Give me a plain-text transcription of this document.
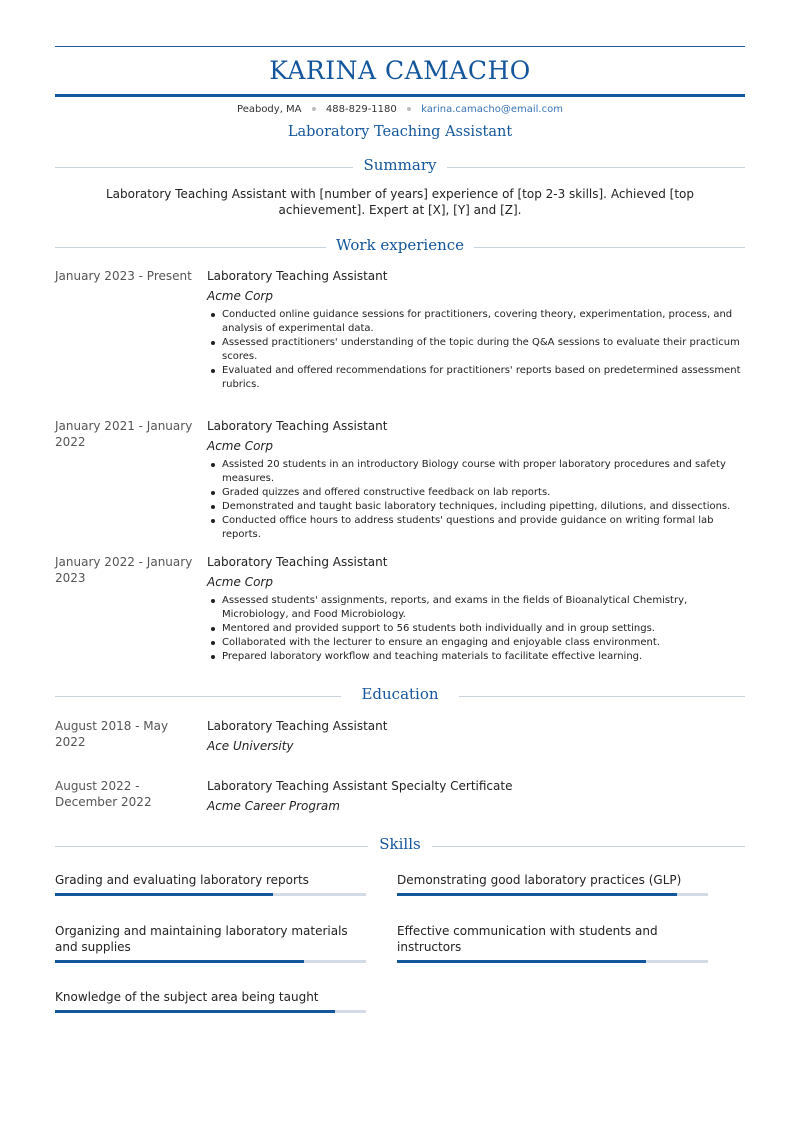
KARINA CAMACHO
Peabody, MA 488-829-1180 karina.camacho@email.com
Laboratory Teaching Assistant
Summary
Laboratory Teaching Assistant with [number of years] experience of [top 2-3 skills]. Achieved [top achievement]. Expert at [X], [Y] and [Z].
Work experience
January 2023 - Present Laboratory Teaching Assistant
Acme Corp
Conducted online guidance sessions for practitioners, covering theory, experimentation, process, and analysis of experimental data.
Assessed practitioners' understanding of the topic during the Q&A sessions to evaluate their practicum scores.
Evaluated and offered recommendations for practitioners' reports based on predetermined assessment rubrics.
January 2021 - January 2022
Laboratory Teaching Assistant
Acme Corp
Assisted 20 students in an introductory Biology course with proper laboratory procedures and safety measures.
Graded quizzes and offered constructive feedback on lab reports.
Demonstrated and taught basic laboratory techniques, including pipetting, dilutions, and dissections.
Conducted office hours to address students' questions and provide guidance on writing formal lab reports.
January 2022 - January 2023
Laboratory Teaching Assistant
Acme Corp
Assessed students' assignments, reports, and exams in the fields of Bioanalytical Chemistry, Microbiology, and Food Microbiology.
Mentored and provided support to 56 students both individually and in group settings.
Collaborated with the lecturer to ensure an engaging and enjoyable class environment.
Prepared laboratory workflow and teaching materials to facilitate effective learning.
Education
August 2018 - May 2022
Laboratory Teaching Assistant
Ace University
August 2022 - December 2022
Laboratory Teaching Assistant Specialty Certificate
Acme Career Program
Skills
Grading and evaluating laboratory reports	Demonstrating good laboratory practices (GLP)
Organizing and maintaining laboratory materials and supplies
Effective communication with students and instructors
Knowledge of the subject area being taught
